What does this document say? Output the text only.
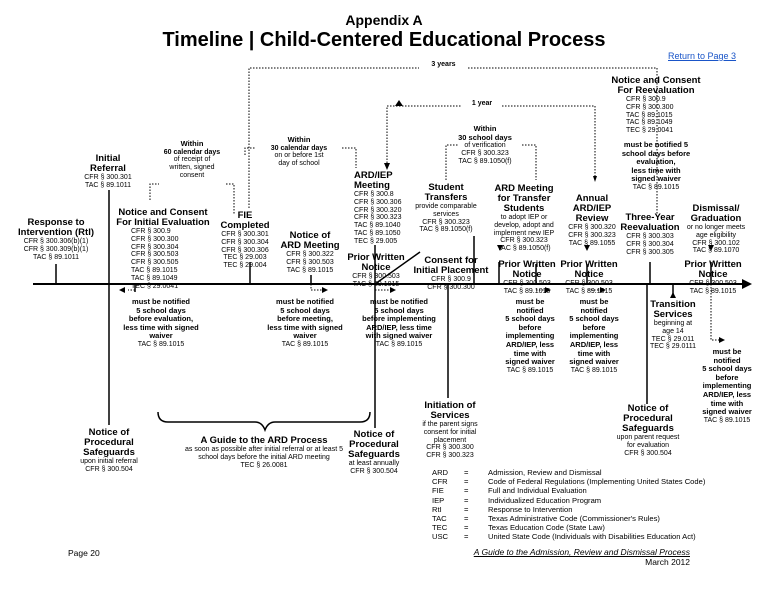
Appendix A
Timeline | Child-Centered Educational Process
Return to Page 3
3 years
1 year
Response to
Intervention (RtI)
CFR § 300.306(b)(1)
CFR § 300.309(b)(1)
TAC § 89.1011
Initial
Referral
CFR § 300.301
TAC § 89.1011
Within
60 calendar days
of receipt of
written, signed
consent
Notice and Consent
For Initial Evaluation
CFR § 300.9
CFR § 300.300
CFR § 300.304
CFR § 300.503
CFR § 300.505
TAC § 89.1015
TAC § 89.1049
TEC § 29.0041
FIE
Completed
CFR § 300.301
CFR § 300.304
CFR § 300.306
TEC § 29.003
TEC § 29.004
Within
30 calendar days
on or before 1st
day of school
Notice of
ARD Meeting
CFR § 300.322
CFR § 300.503
TAC § 89.1015
ARD/IEP
Meeting
CFR § 300.8
CFR § 300.306
CFR § 300.320
CFR § 300.323
TAC § 89.1040
TAC § 89.1050
TEC § 29.005
Prior Written
Notice
CFR § 300.503
TAC § 89.1015
Student
Transfers
provide comparable
services
CFR § 300.323
TAC § 89.1050(f)
Within
30 school days
of verification
CFR § 300.323
TAC § 89.1050(f)
Consent for
Initial Placement
CFR § 300.9
CFR § 300.300
ARD Meeting
for Transfer
Students
to adopt IEP or
develop, adopt and
implement new IEP
CFR § 300.323
TAC § 89.1050(f)
Prior Written
Notice
CFR § 300.503
TAC § 89.1015
Annual
ARD/IEP
Review
CFR § 300.320
CFR § 300.323
TAC § 89.1055
Prior Written
Notice
CFR § 300.503
TAC § 89.1015
Notice and Consent
For Reevaluation
CFR § 300.9
CFR § 300.300
TAC § 89.1015
TAC § 89.1049
TEC § 29.0041
must be notified 5
school days before
evaluation,
less time with
signed waiver
TAC § 89.1015
Three-Year
Reevaluation
CFR § 300.303
CFR § 300.304
CFR § 300.305
Dismissal/
Graduation
or no longer meets
age eligibility
CFR § 300.102
TAC § 89.1070
Prior Written
Notice
CFR § 300.503
TAC § 89.1015
must be notified
5 school days
before evaluation,
less time with signed
waiver
TAC § 89.1015
must be notified
5 school days
before meeting,
less time with signed
waiver
TAC § 89.1015
must be notified
5 school days
before implementing
ARD/IEP, less time
with signed waiver
TAC § 89.1015
must be
notified
5 school days
before
implementing
ARD/IEP, less
time with
signed waiver
TAC § 89.1015
must be
notified
5 school days
before
implementing
ARD/IEP, less
time with
signed waiver
TAC § 89.1015
Transition
Services
beginning at
age 14
TEC § 29.011
TEC § 29.0111
must be
notified
5 school days
before
implementing
ARD/IEP, less
time with
signed waiver
TAC § 89.1015
Notice of
Procedural
Safeguards
upon initial referral
CFR § 300.504
A Guide to the ARD Process
as soon as possible after initial referral or at least 5
school days before the initial ARD meeting
TEC § 26.0081
Notice of
Procedural
Safeguards
at least annually
CFR § 300.504
Initiation of
Services
if the parent signs
consent for initial
placement
CFR § 300.300
CFR § 300.323
Notice of
Procedural
Safeguards
upon parent request
for evaluation
CFR § 300.504
ARD	=	Admission, Review and Dismissal
CFR	=	Code of Federal Regulations (Implementing United States Code)
FIE	=	Full and Individual Evaluation
IEP	=	Individualized Education Program
RtI	=	Response to Intervention
TAC	=	Texas Administrative Code (Commissioner's Rules)
TEC	=	Texas Education Code (State Law)
USC	=	United State Code (Individuals with Disabilities Education Act)
Page 20	A Guide to the Admission, Review and Dismissal Process
March 2012
